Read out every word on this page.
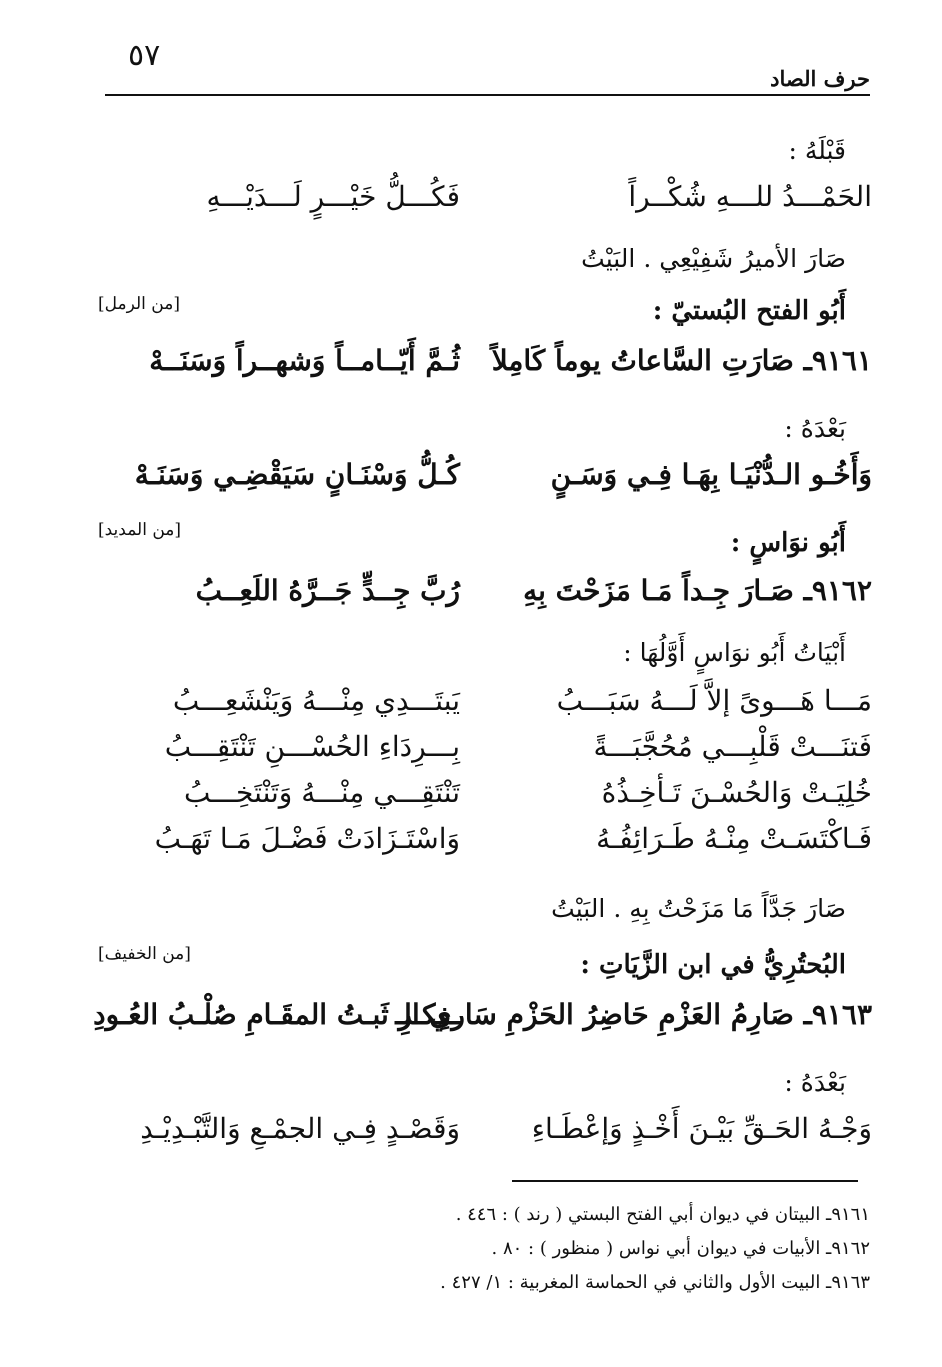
٥٧
حرف الصاد
قَبْلَهُ :
الحَمْـــدُ للـــهِ شُكْــراً
فَكُـــلُّ خَيْـــرٍ لَـــدَيْـــهِ
صَارَ الأميرُ شَفِيْعِي . البَيْتُ
أَبُو الفتح البُستيّ :
[من الرمل]
٩١٦١ـ صَارَتِ السَّاعاتُ يوماً كَامِلاً
ثُـمَّ أَيّــامــاً وَشهــراً وَسَنَــهْ
بَعْدَهُ :
وَأَخُـو الـدُّنْيَـا بِهَـا فِـي وَسَـنٍ
كُـلُّ وَسْنَـانٍ سَيَقْضِـي وَسَنَـهْ
أَبُو نوَاسٍ :
[من المديد]
٩١٦٢ـ صَـارَ جِـداً مَـا مَزَحْتَ بِهِ
رُبَّ جِــدٍّ جَــرَّهُ اللَعِــبُ
أَبْيَاتُ أَبُو نوَاسٍ أَوَّلُهَا :
مَـــا هَـــوىً إلاَّ لَـــهُ سَبَـــبُ
يَبتَـــدِي مِنْـــهُ وَيَنْشَعِـــبُ
فَتنَـــتْ قَلْبِـــي مُحُجَّبَـــةً
بِـــرِدَاءِ الحُسْـــنِ تَنْتَقِـــبُ
خُلِيَـتْ وَالحُسْـنَ تَـأخِـذُهُ
تَنْتَقِـــي مِنْـــهُ وَتَنْتَخِـــبُ
فَـاكْتَسَـتْ مِنْـهُ طَـرَائِفُـهُ
وَاسْتَـزَادَتْ فَضْـلَ مَـا تَهَـبُ
صَارَ جَدَّاً مَا مَزَحْتُ بِهِ . البَيْتُ
البُحتُرِيُّ في ابن الزَّيَاتِ :
[من الخفيف]
٩١٦٣ـ صَارِمُ العَزْمِ حَاضِرُ الحَزْمِ سَاري الـ
ـفِكـرِ ثَبـتُ المقَـامِ صُلْـبُ العُـودِ
بَعْدَهُ :
وَجْـهُ الحَـقِّ بَيْـنَ أَخْـذٍ وَإعْطَـاءِ
وَقَصْـدٍ فِـي الجمْـعِ وَالتَّبْـدِيْـدِ
٩١٦١ـ البيتان في ديوان أبي الفتح البستي ( رند ) : ٤٤٦ .
٩١٦٢ـ الأبيات في ديوان أبي نواس ( منظور ) : ٨٠ .
٩١٦٣ـ البيت الأول والثاني في الحماسة المغربية : ١/ ٤٢٧ .
